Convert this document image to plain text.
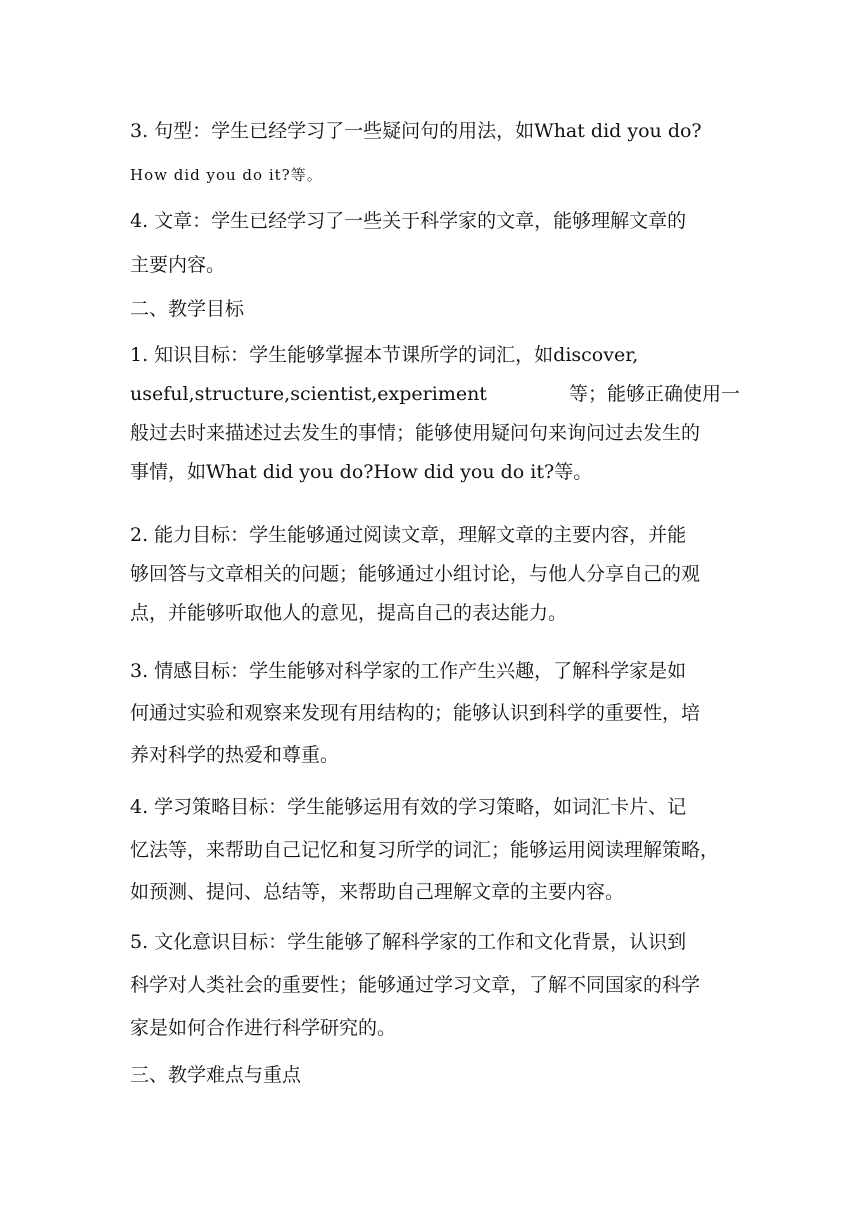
3. 句型：学生已经学习了一些疑问句的用法，如What did you do?
How did you do it?等。
4. 文章：学生已经学习了一些关于科学家的文章，能够理解文章的
主要内容。
二、教学目标
1. 知识目标：学生能够掌握本节课所学的词汇，如discover,
useful,structure,scientist,experiment	等；能够正确使用一
般过去时来描述过去发生的事情；能够使用疑问句来询问过去发生的
事情，如What did you do?How did you do it?等。
2. 能力目标：学生能够通过阅读文章，理解文章的主要内容，并能
够回答与文章相关的问题；能够通过小组讨论，与他人分享自己的观
点，并能够听取他人的意见，提高自己的表达能力。
3. 情感目标：学生能够对科学家的工作产生兴趣，了解科学家是如
何通过实验和观察来发现有用结构的；能够认识到科学的重要性，培
养对科学的热爱和尊重。
4. 学习策略目标：学生能够运用有效的学习策略，如词汇卡片、记
忆法等，来帮助自己记忆和复习所学的词汇；能够运用阅读理解策略，
如预测、提问、总结等，来帮助自己理解文章的主要内容。
5. 文化意识目标：学生能够了解科学家的工作和文化背景，认识到
科学对人类社会的重要性；能够通过学习文章，了解不同国家的科学
家是如何合作进行科学研究的。
三、教学难点与重点
